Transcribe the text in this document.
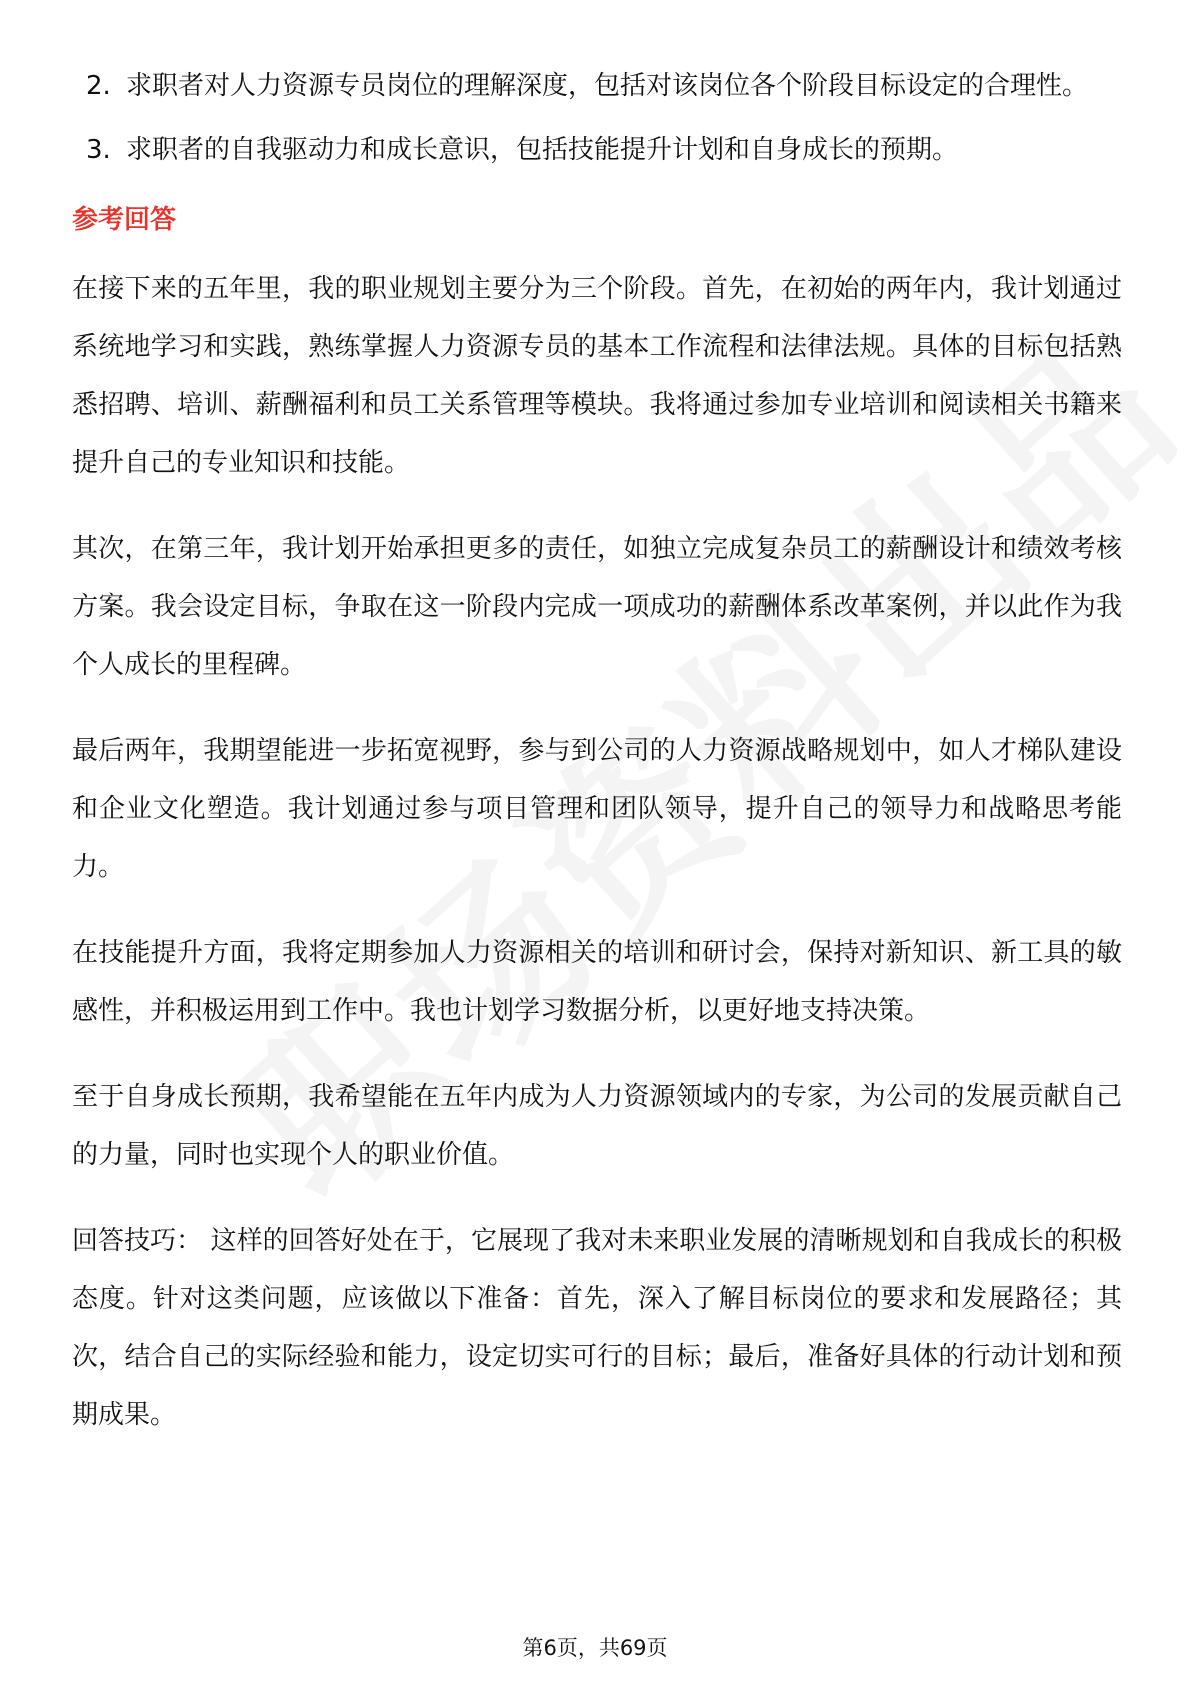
2. 求职者对人力资源专员岗位的理解深度，包括对该岗位各个阶段目标设定的合理性。
3. 求职者的自我驱动力和成长意识，包括技能提升计划和自身成长的预期。
参考回答

在接下来的五年里，我的职业规划主要分为三个阶段。首先，在初始的两年内，我计划通过系统地学习和实践，熟练掌握人力资源专员的基本工作流程和法律法规。具体的目标包括熟悉招聘、培训、薪酬福利和员工关系管理等模块。我将通过参加专业培训和阅读相关书籍来提升自己的专业知识和技能。

其次，在第三年，我计划开始承担更多的责任，如独立完成复杂员工的薪酬设计和绩效考核方案。我会设定目标，争取在这一阶段内完成一项成功的薪酬体系改革案例，并以此作为我个人成长的里程碑。

最后两年，我期望能进一步拓宽视野，参与到公司的人力资源战略规划中，如人才梯队建设和企业文化塑造。我计划通过参与项目管理和团队领导，提升自己的领导力和战略思考能力。

在技能提升方面，我将定期参加人力资源相关的培训和研讨会，保持对新知识、新工具的敏感性，并积极运用到工作中。我也计划学习数据分析，以更好地支持决策。

至于自身成长预期，我希望能在五年内成为人力资源领域内的专家，为公司的发展贡献自己的力量，同时也实现个人的职业价值。

回答技巧： 这样的回答好处在于，它展现了我对未来职业发展的清晰规划和自我成长的积极态度。针对这类问题，应该做以下准备：首先，深入了解目标岗位的要求和发展路径；其次，结合自己的实际经验和能力，设定切实可行的目标；最后，准备好具体的行动计划和预期成果。

第6页，共69页
